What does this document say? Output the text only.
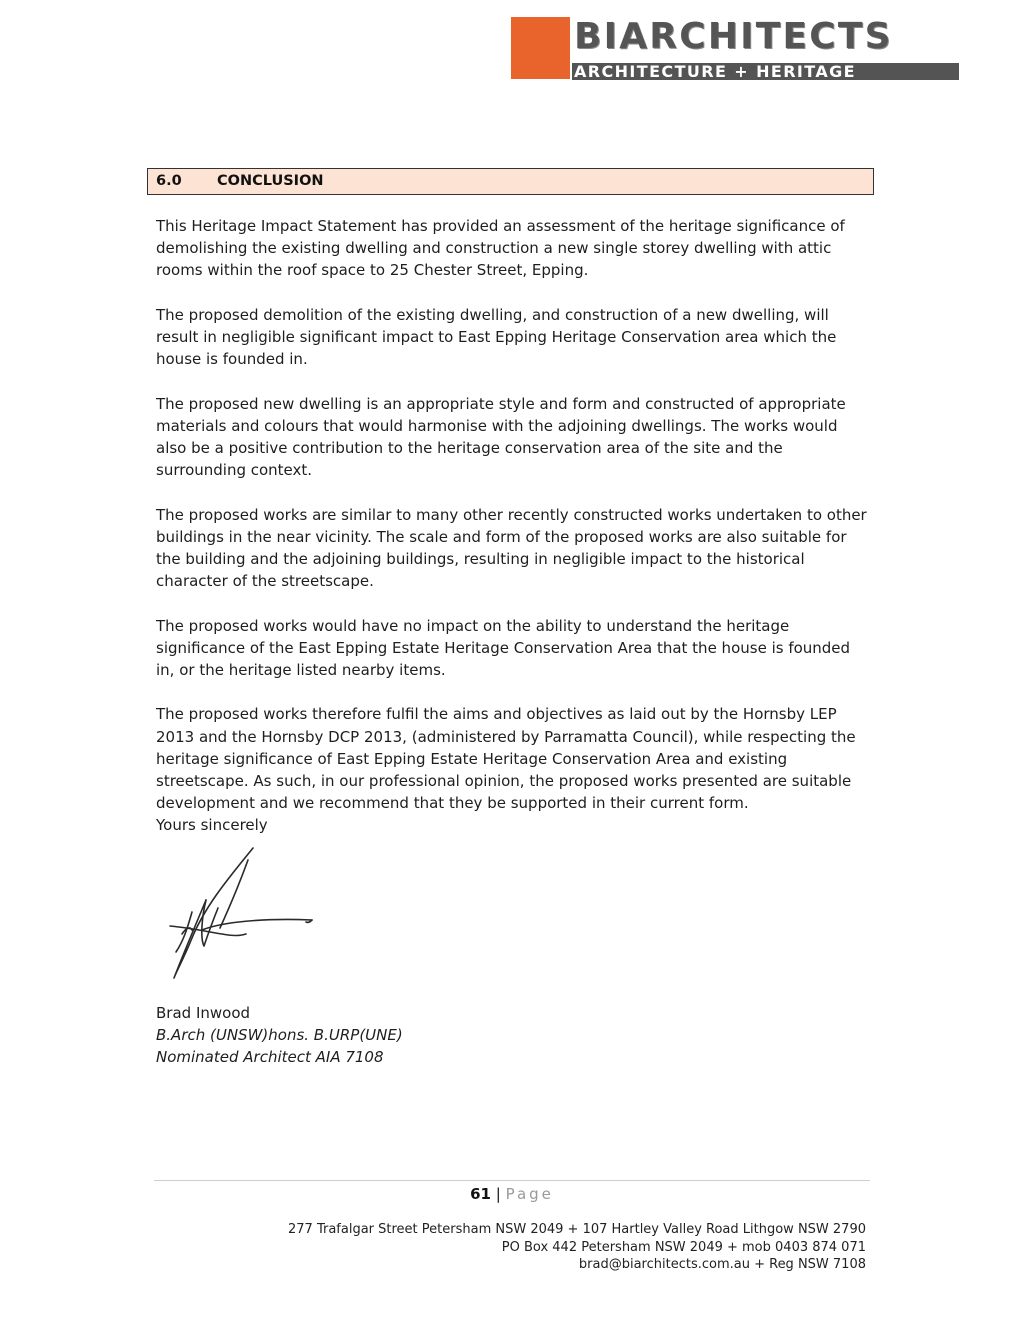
BIARCHITECTS
ARCHITECTURE + HERITAGE
6.0 CONCLUSION

This Heritage Impact Statement has provided an assessment of the heritage significance of demolishing the existing dwelling and construction a new single storey dwelling with attic rooms within the roof space to 25 Chester Street, Epping.

The proposed demolition of the existing dwelling, and construction of a new dwelling, will result in negligible significant impact to East Epping Heritage Conservation area which the house is founded in.

The proposed new dwelling is an appropriate style and form and constructed of appropriate materials and colours that would harmonise with the adjoining dwellings. The works would also be a positive contribution to the heritage conservation area of the site and the surrounding context.

The proposed works are similar to many other recently constructed works undertaken to other buildings in the near vicinity. The scale and form of the proposed works are also suitable for the building and the adjoining buildings, resulting in negligible impact to the historical character of the streetscape.

The proposed works would have no impact on the ability to understand the heritage significance of the East Epping Estate Heritage Conservation Area that the house is founded in, or the heritage listed nearby items.

The proposed works therefore fulfil the aims and objectives as laid out by the Hornsby LEP 2013 and the Hornsby DCP 2013, (administered by Parramatta Council), while respecting the heritage significance of East Epping Estate Heritage Conservation Area and existing streetscape. As such, in our professional opinion, the proposed works presented are suitable development and we recommend that they be supported in their current form.

Yours sincerely

Brad Inwood
B.Arch (UNSW)hons. B.URP(UNE)
Nominated Architect AIA 7108
61 | Page
277 Trafalgar Street Petersham NSW 2049 + 107 Hartley Valley Road Lithgow NSW 2790
PO Box 442 Petersham NSW 2049 + mob 0403 874 071
brad@biarchitects.com.au + Reg NSW 7108
